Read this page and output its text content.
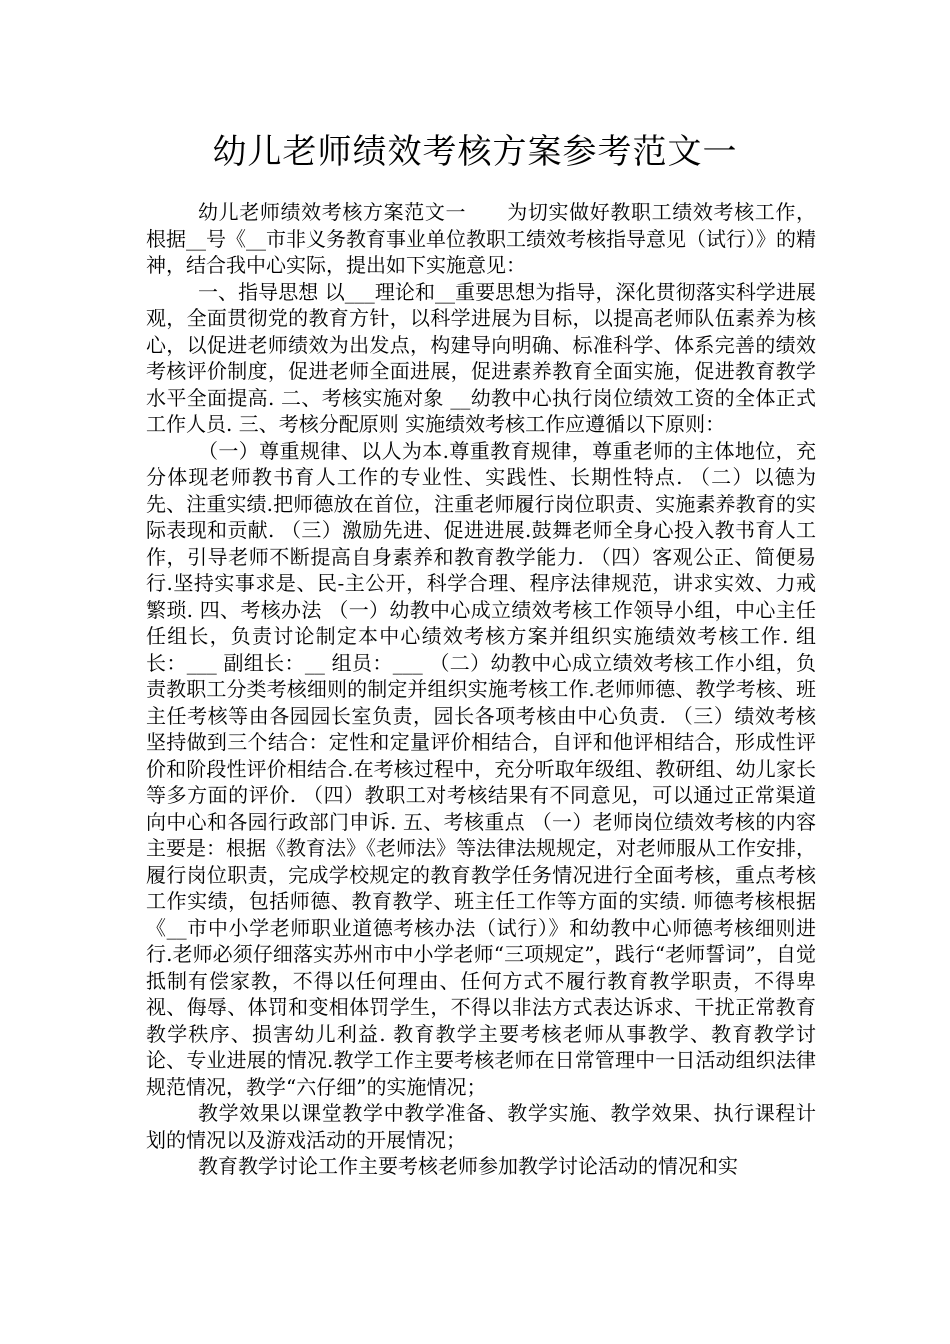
幼儿老师绩效考核方案参考范文一

幼儿老师绩效考核方案范文一　　为切实做好教职工绩效考核工作，根据__号《__市非义务教育事业单位教职工绩效考核指导意见（试行）》的精神，结合我中心实际，提出如下实施意见：

一、指导思想 以___理论和__重要思想为指导，深化贯彻落实科学进展观，全面贯彻党的教育方针，以科学进展为目标，以提高老师队伍素养为核心，以促进老师绩效为出发点，构建导向明确、标准科学、体系完善的绩效考核评价制度，促进老师全面进展，促进素养教育全面实施，促进教育教学水平全面提高. 二、考核实施对象 __幼教中心执行岗位绩效工资的全体正式工作人员. 三、考核分配原则 实施绩效考核工作应遵循以下原则：

（一）尊重规律、以人为本.尊重教育规律，尊重老师的主体地位，充分体现老师教书育人工作的专业性、实践性、长期性特点. （二）以德为先、注重实绩.把师德放在首位，注重老师履行岗位职责、实施素养教育的实际表现和贡献. （三）激励先进、促进进展.鼓舞老师全身心投入教书育人工作，引导老师不断提高自身素养和教育教学能力. （四）客观公正、简便易行.坚持实事求是、民-主公开，科学合理、程序法律规范，讲求实效、力戒繁琐. 四、考核办法 （一）幼教中心成立绩效考核工作领导小组，中心主任任组长，负责讨论制定本中心绩效考核方案并组织实施绩效考核工作. 组长：___ 副组长：__ 组员：___ （二）幼教中心成立绩效考核工作小组，负责教职工分类考核细则的制定并组织实施考核工作.老师师德、教学考核、班主任考核等由各园园长室负责，园长各项考核由中心负责. （三）绩效考核坚持做到三个结合：定性和定量评价相结合，自评和他评相结合，形成性评价和阶段性评价相结合.在考核过程中，充分听取年级组、教研组、幼儿家长等多方面的评价. （四）教职工对考核结果有不同意见，可以通过正常渠道向中心和各园行政部门申诉. 五、考核重点 （一）老师岗位绩效考核的内容主要是：根据《教育法》《老师法》等法律法规规定，对老师服从工作安排，履行岗位职责，完成学校规定的教育教学任务情况进行全面考核，重点考核工作实绩，包括师德、教育教学、班主任工作等方面的实绩. 师德考核根据《__市中小学老师职业道德考核办法（试行）》和幼教中心师德考核细则进行.老师必须仔细落实苏州市中小学老师“三项规定”，践行“老师誓词”，自觉抵制有偿家教，不得以任何理由、任何方式不履行教育教学职责，不得卑视、侮辱、体罚和变相体罚学生，不得以非法方式表达诉求、干扰正常教育教学秩序、损害幼儿利益. 教育教学主要考核老师从事教学、教育教学讨论、专业进展的情况.教学工作主要考核老师在日常管理中一日活动组织法律规范情况，教学“六仔细”的实施情况；

教学效果以课堂教学中教学准备、教学实施、教学效果、执行课程计划的情况以及游戏活动的开展情况；

教育教学讨论工作主要考核老师参加教学讨论活动的情况和实
